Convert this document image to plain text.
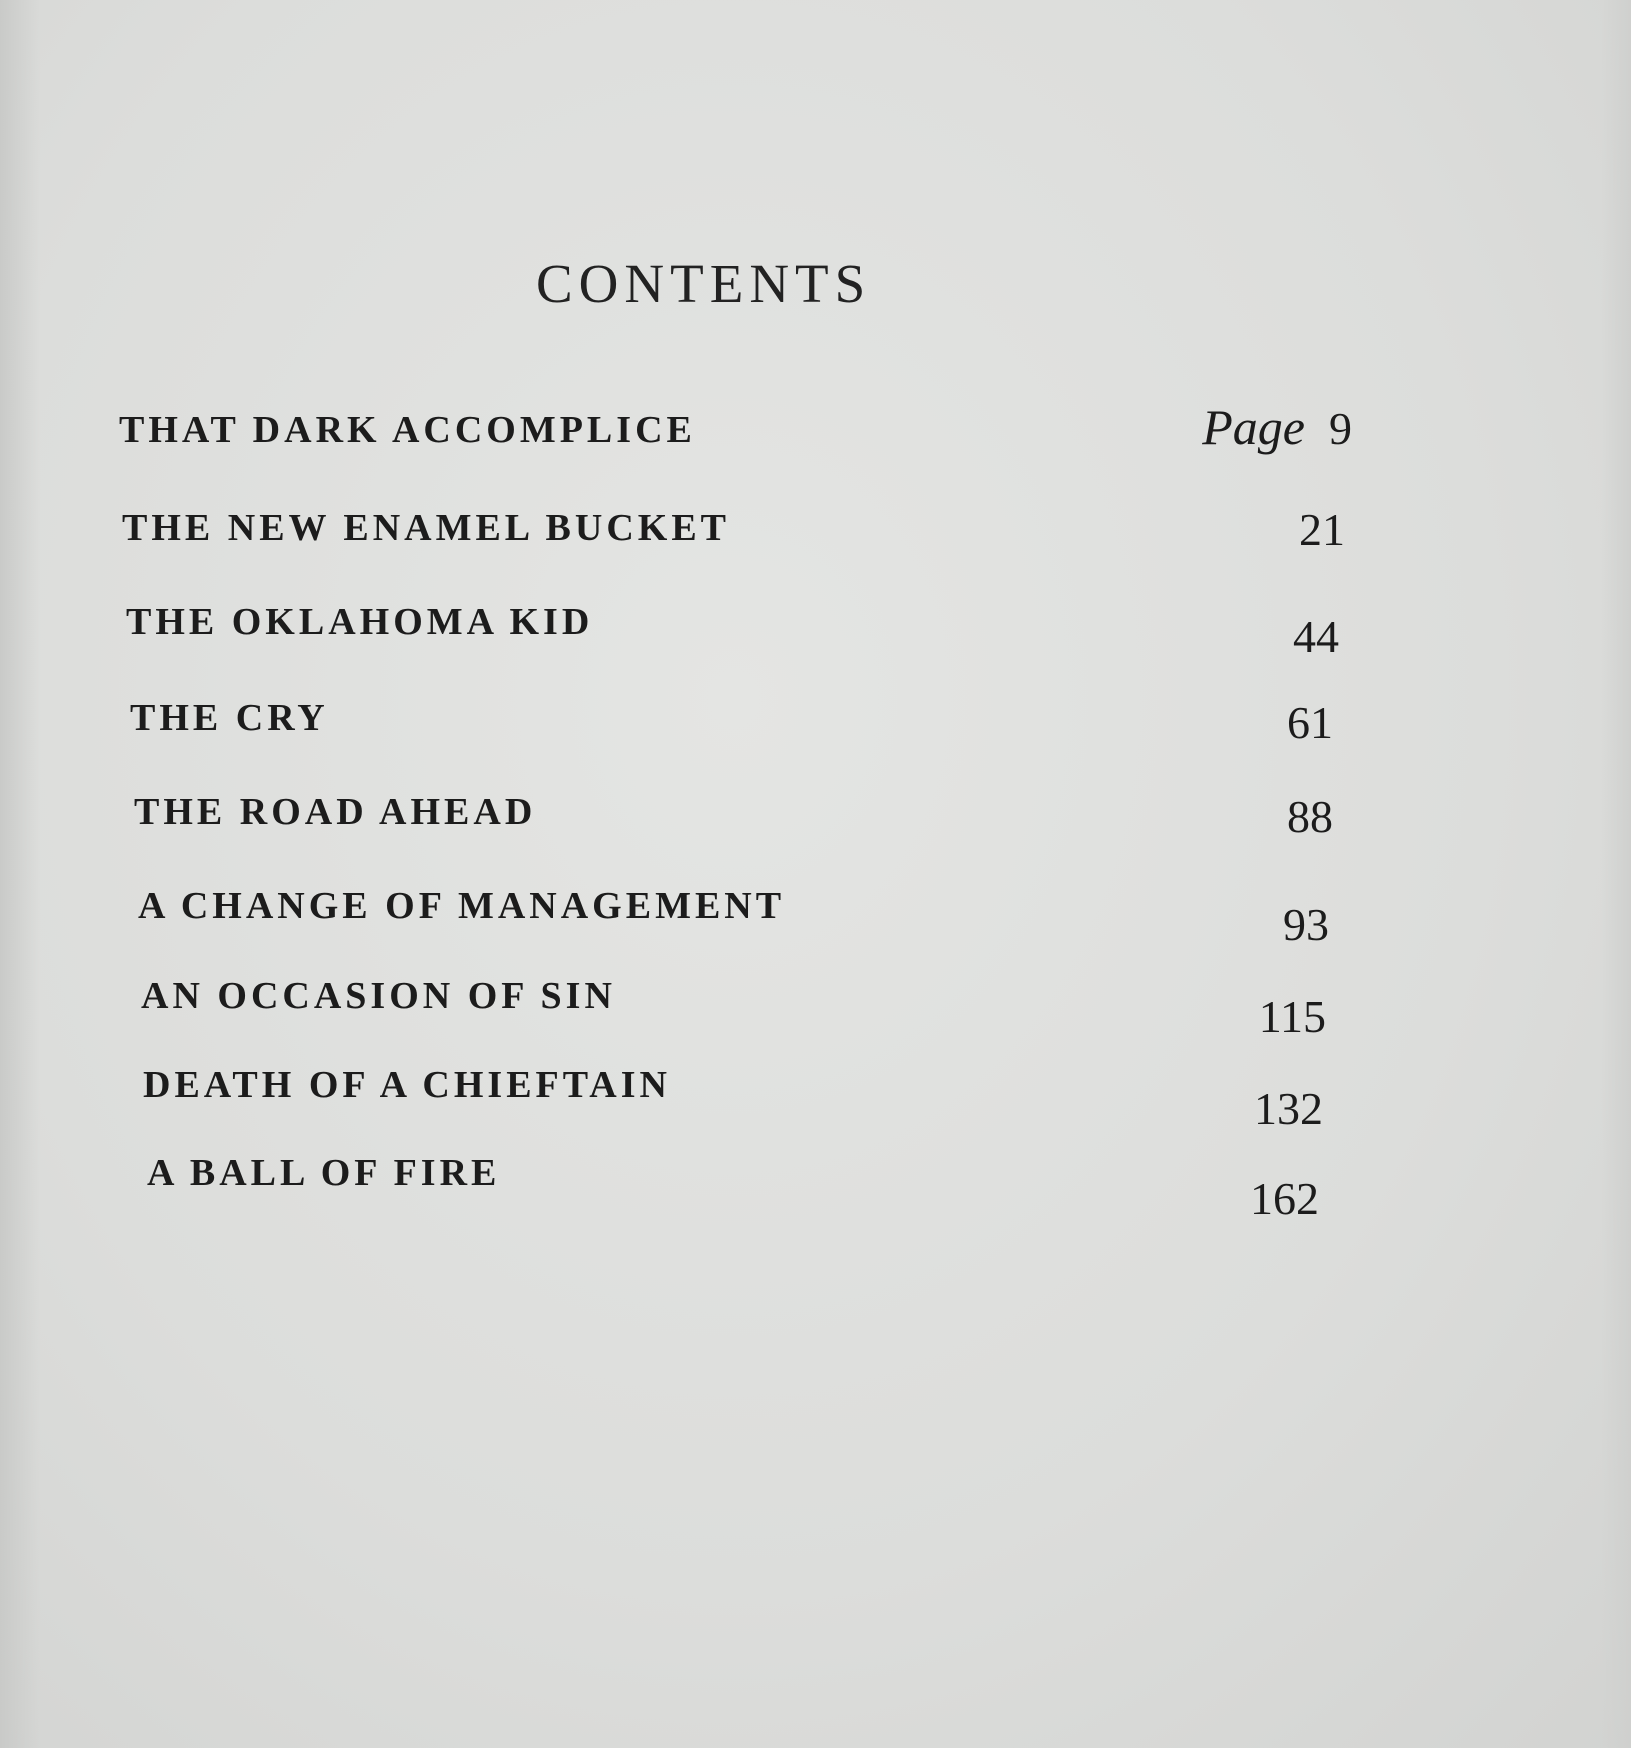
CONTENTS
THAT DARK ACCOMPLICE	Page 9
THE NEW ENAMEL BUCKET	21
THE OKLAHOMA KID	44
THE CRY	61
THE ROAD AHEAD	88
A CHANGE OF MANAGEMENT	93
AN OCCASION OF SIN	115
DEATH OF A CHIEFTAIN	132
A BALL OF FIRE	162
